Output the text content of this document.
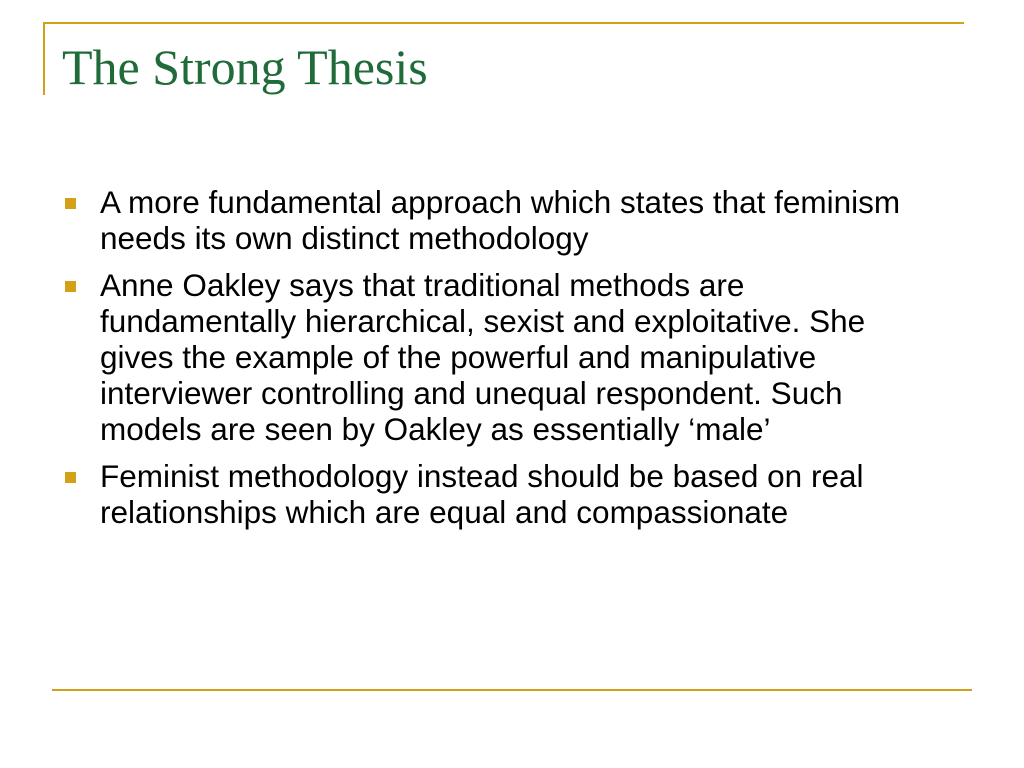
The Strong Thesis
A more fundamental approach which states that feminism needs its own distinct methodology
Anne Oakley says that traditional methods are fundamentally hierarchical, sexist and exploitative. She gives the example of the powerful and manipulative interviewer controlling and unequal respondent. Such models are seen by Oakley as essentially ‘male’
Feminist methodology instead should be based on real relationships which are equal and compassionate
